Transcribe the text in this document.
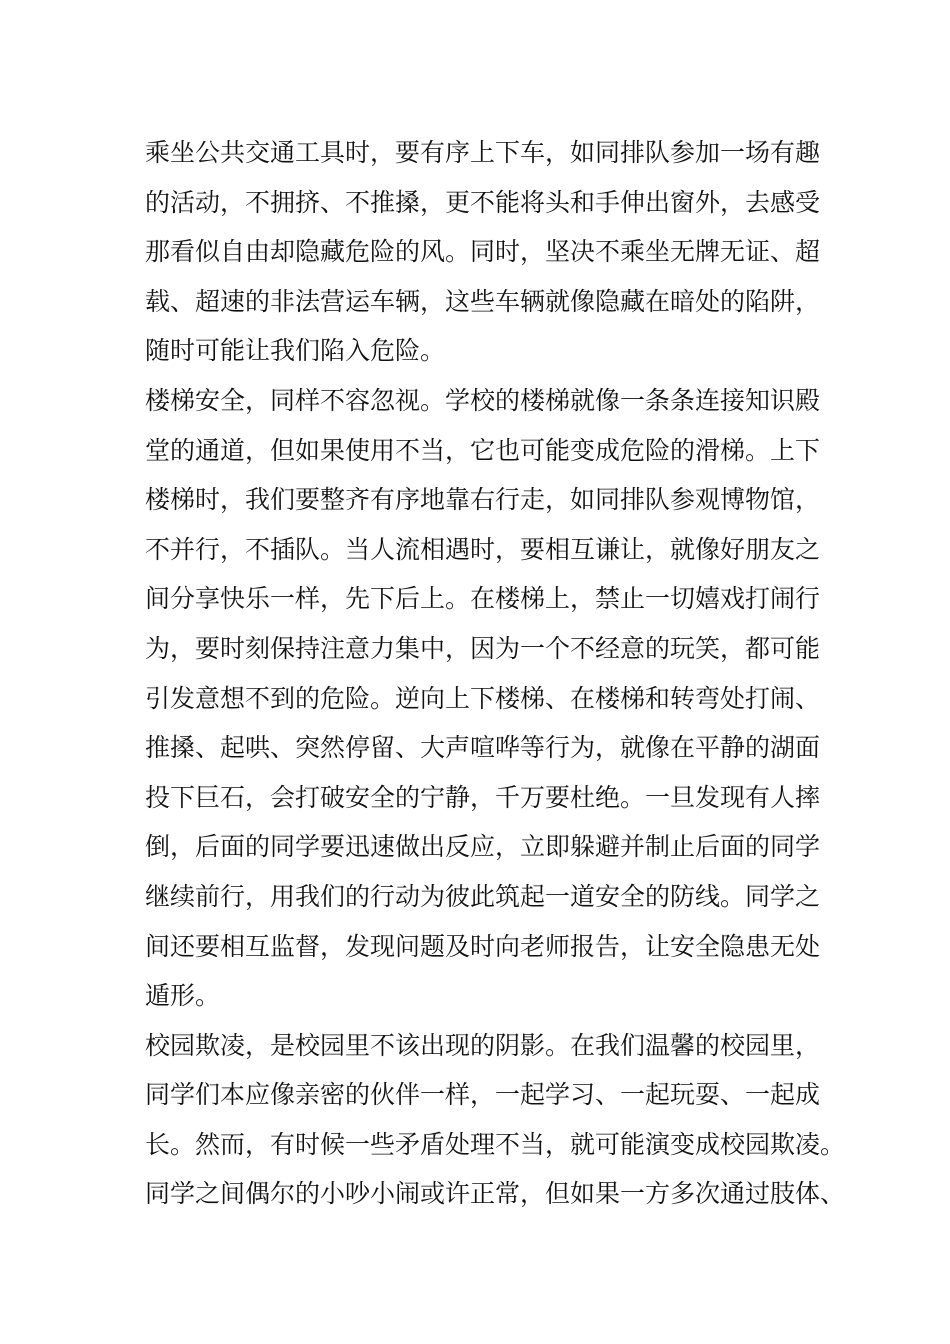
乘坐公共交通工具时，要有序上下车，如同排队参加一场有趣
的活动，不拥挤、不推搡，更不能将头和手伸出窗外，去感受
那看似自由却隐藏危险的风。同时，坚决不乘坐无牌无证、超
载、超速的非法营运车辆，这些车辆就像隐藏在暗处的陷阱，
随时可能让我们陷入危险。
楼梯安全，同样不容忽视。学校的楼梯就像一条条连接知识殿
堂的通道，但如果使用不当，它也可能变成危险的滑梯。上下
楼梯时，我们要整齐有序地靠右行走，如同排队参观博物馆，
不并行，不插队。当人流相遇时，要相互谦让，就像好朋友之
间分享快乐一样，先下后上。在楼梯上，禁止一切嬉戏打闹行
为，要时刻保持注意力集中，因为一个不经意的玩笑，都可能
引发意想不到的危险。逆向上下楼梯、在楼梯和转弯处打闹、
推搡、起哄、突然停留、大声喧哗等行为，就像在平静的湖面
投下巨石，会打破安全的宁静，千万要杜绝。一旦发现有人摔
倒，后面的同学要迅速做出反应，立即躲避并制止后面的同学
继续前行，用我们的行动为彼此筑起一道安全的防线。同学之
间还要相互监督，发现问题及时向老师报告，让安全隐患无处
遁形。
校园欺凌，是校园里不该出现的阴影。在我们温馨的校园里，
同学们本应像亲密的伙伴一样，一起学习、一起玩耍、一起成
长。然而，有时候一些矛盾处理不当，就可能演变成校园欺凌。
同学之间偶尔的小吵小闹或许正常，但如果一方多次通过肢体、
